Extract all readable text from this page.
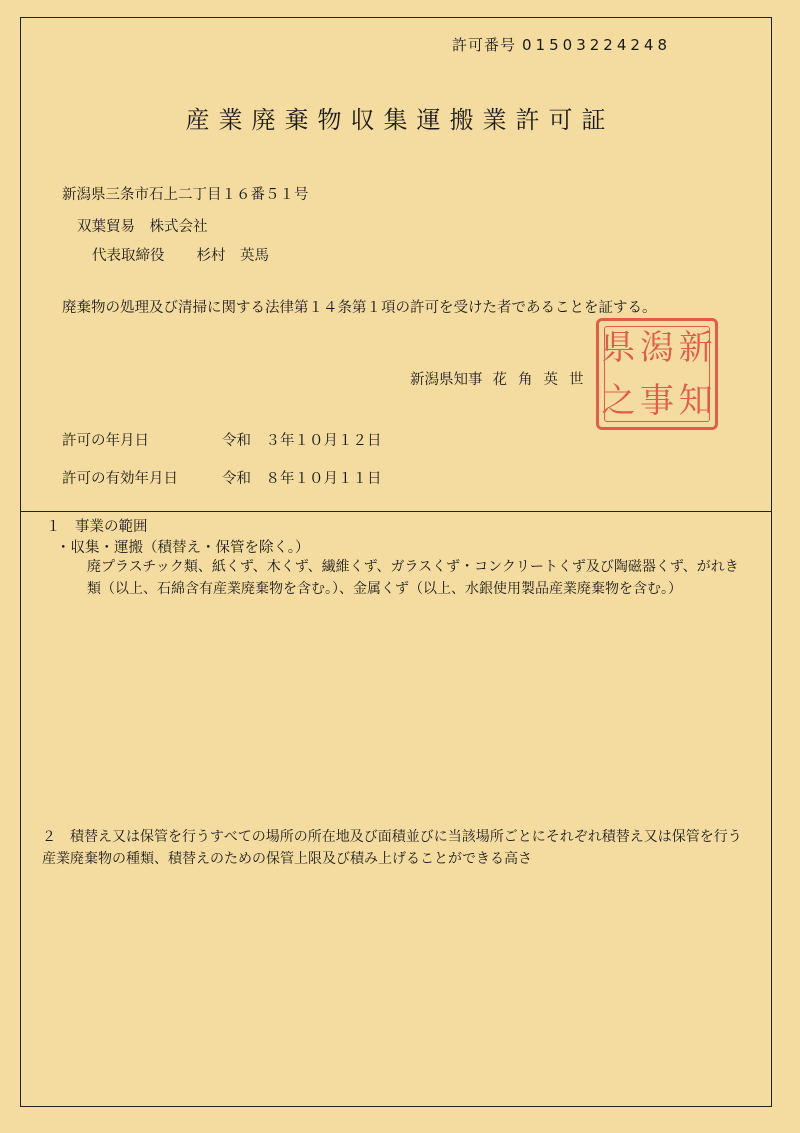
許可番号 01503224248
産業廃棄物収集運搬業許可証
新潟県三条市石上二丁目１６番５１号
双葉貿易　株式会社
代表取締役 杉村　英馬
廃棄物の処理及び清掃に関する法律第１４条第１項の許可を受けた者であることを証する。
新潟県知事 花角英世
県 潟 新
之 事 知
許可の年月日	令和　３年１０月１２日
許可の有効年月日	令和　８年１０月１１日
１　事業の範囲
・収集・運搬（積替え・保管を除く。）
廃プラスチック類、紙くず、木くず、繊維くず、ガラスくず・コンクリートくず及び陶磁器くず、がれき類（以上、石綿含有産業廃棄物を含む。）、金属くず（以上、水銀使用製品産業廃棄物を含む。）
２　積替え又は保管を行うすべての場所の所在地及び面積並びに当該場所ごとにそれぞれ積替え又は保管を行う産業廃棄物の種類、積替えのための保管上限及び積み上げることができる高さ
